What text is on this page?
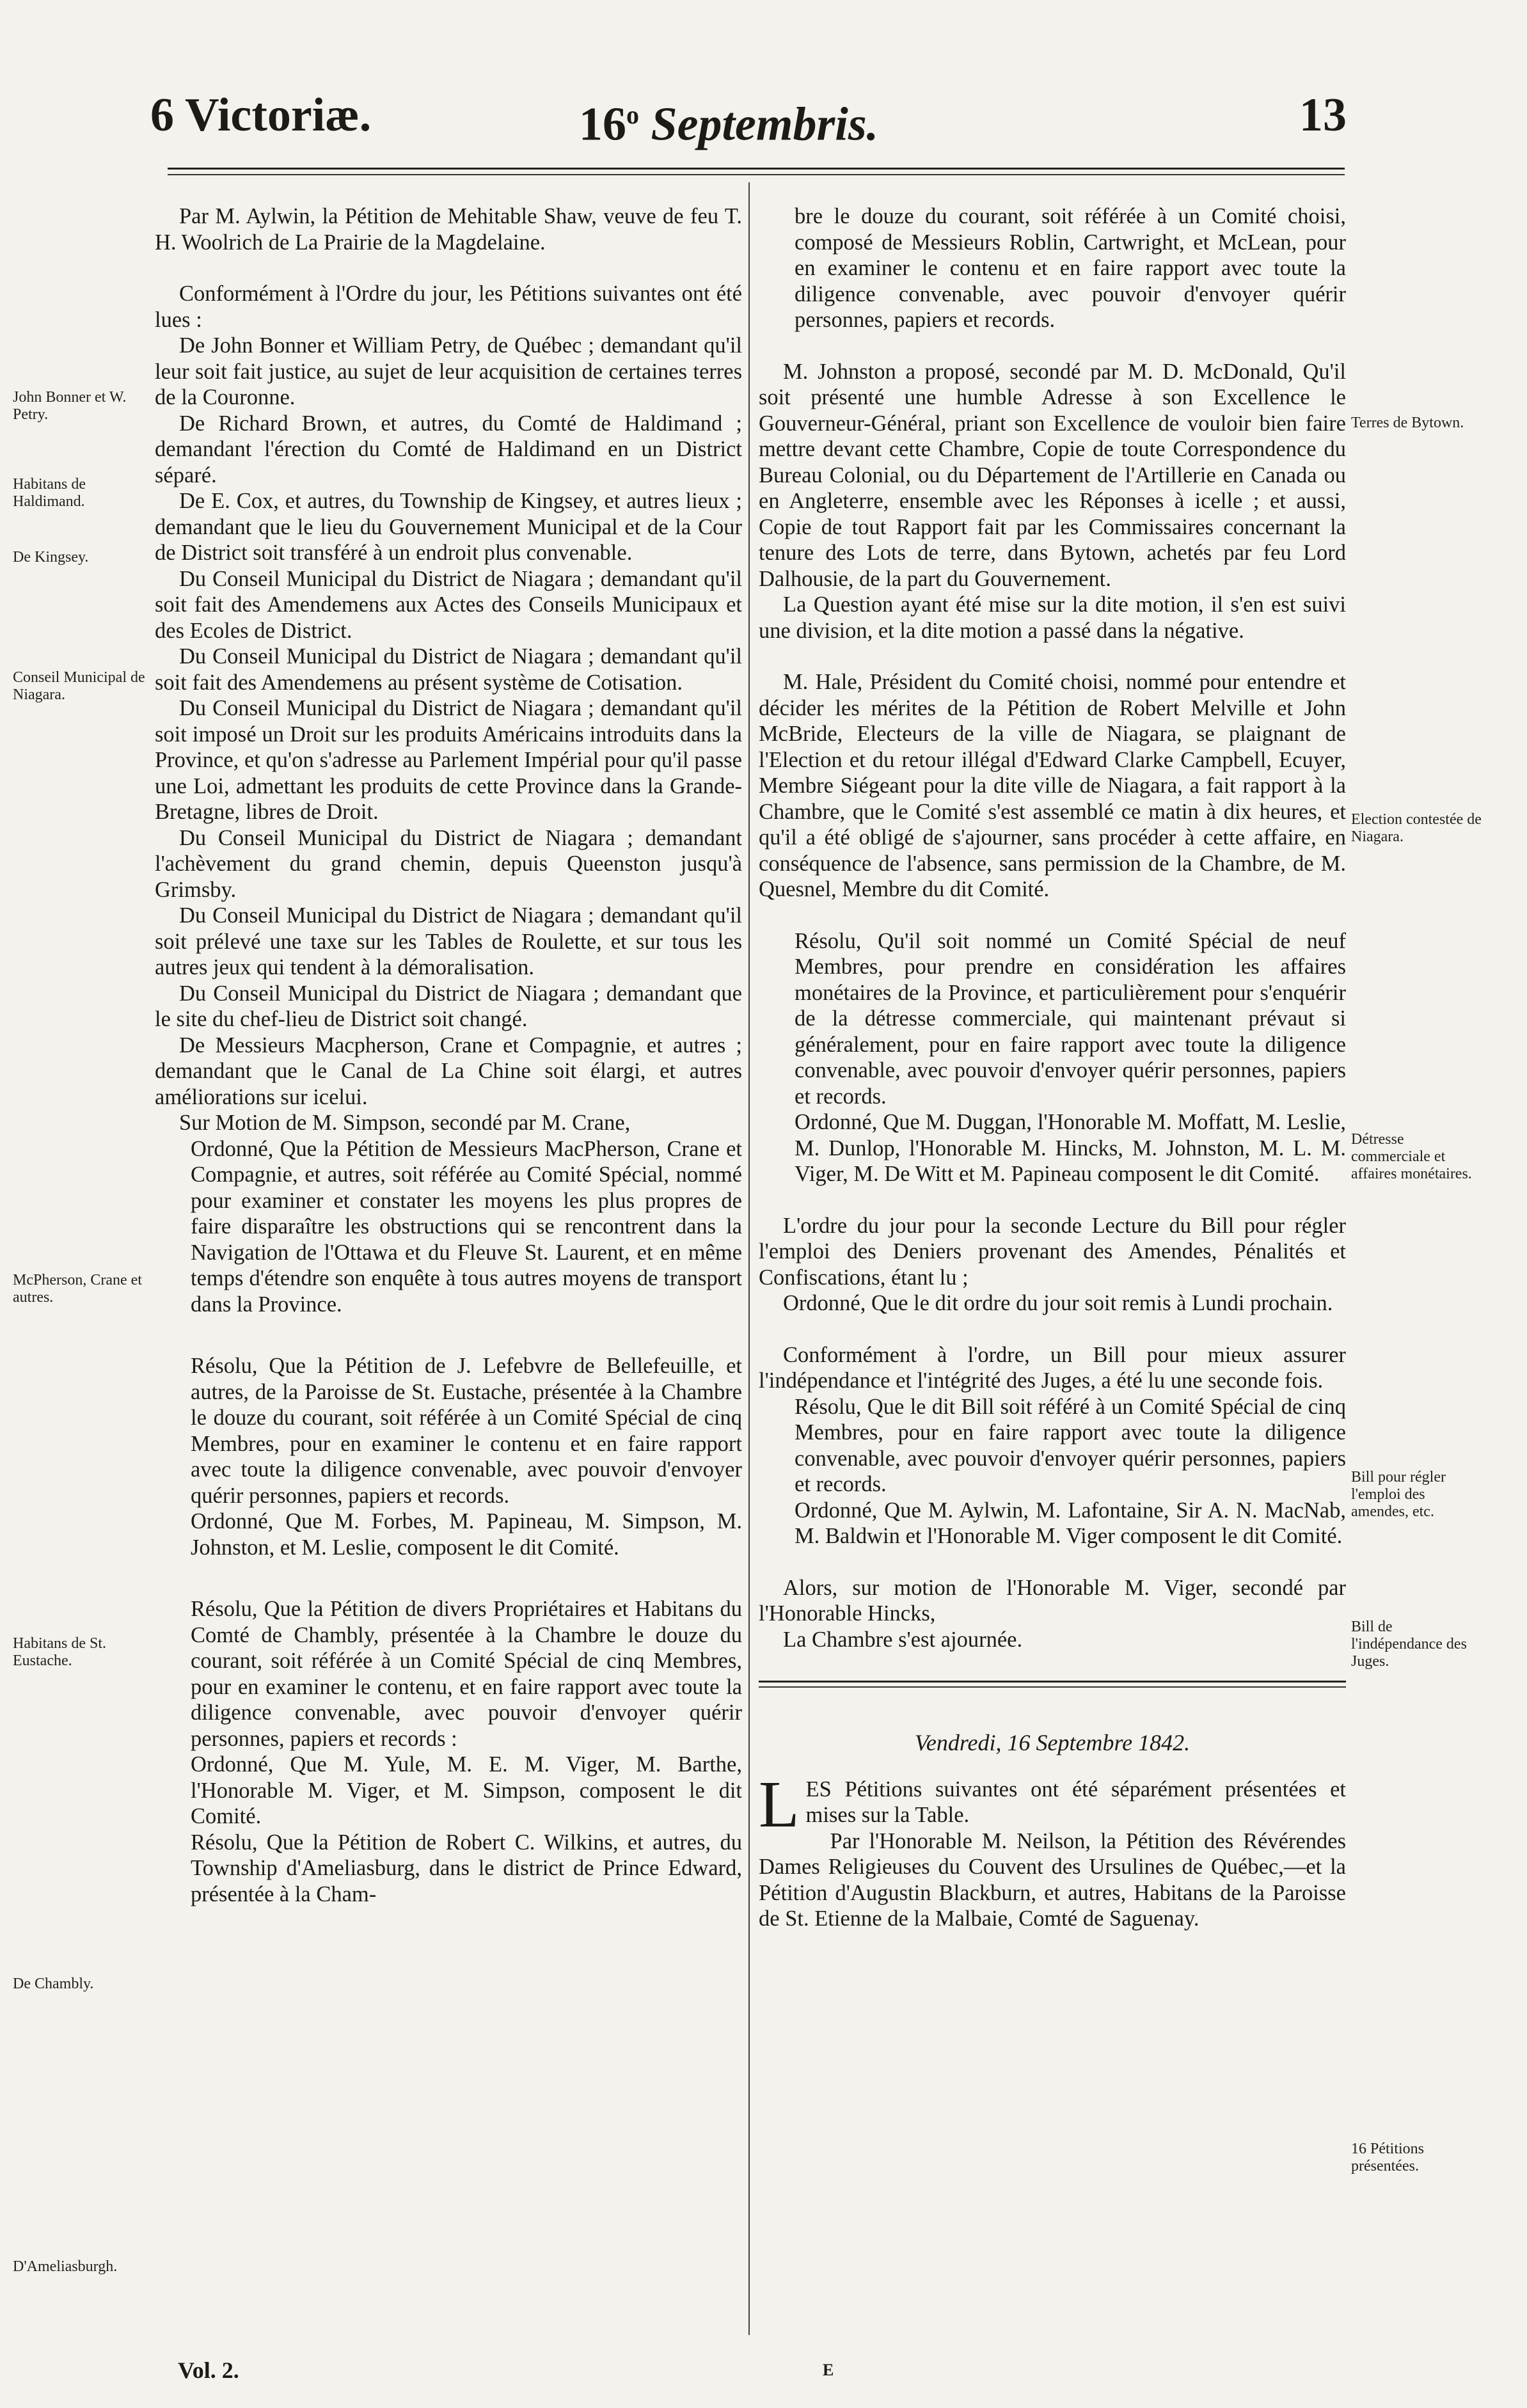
6 Victoriæ.	16$^o$ Septembris.	13

Par M. Aylwin, la Pétition de Mehitable Shaw, veuve de feu T. H. Woolrich de La Prairie de la Magdelaine.

Conformément à l'Ordre du jour, les Pétitions suivantes ont été lues :

De John Bonner et William Petry, de Québec ; demandant qu'il leur soit fait justice, au sujet de leur acquisition de certaines terres de la Couronne.

De Richard Brown, et autres, du Comté de Haldimand ; demandant l'érection du Comté de Haldimand en un District séparé.

De E. Cox, et autres, du Township de Kingsey, et autres lieux ; demandant que le lieu du Gouvernement Municipal et de la Cour de District soit transféré à un endroit plus convenable.

Du Conseil Municipal du District de Niagara ; demandant qu'il soit fait des Amendemens aux Actes des Conseils Municipaux et des Ecoles de District.

Du Conseil Municipal du District de Niagara ; demandant qu'il soit fait des Amendemens au présent système de Cotisation.

Du Conseil Municipal du District de Niagara ; demandant qu'il soit imposé un Droit sur les produits Américains introduits dans la Province, et qu'on s'adresse au Parlement Impérial pour qu'il passe une Loi, admettant les produits de cette Province dans la Grande-Bretagne, libres de Droit.

Du Conseil Municipal du District de Niagara ; demandant l'achèvement du grand chemin, depuis Queenston jusqu'à Grimsby.

Du Conseil Municipal du District de Niagara ; demandant qu'il soit prélevé une taxe sur les Tables de Roulette, et sur tous les autres jeux qui tendent à la démoralisation.

Du Conseil Municipal du District de Niagara ; demandant que le site du chef-lieu de District soit changé.

De Messieurs Macpherson, Crane et Compagnie, et autres ; demandant que le Canal de La Chine soit élargi, et autres améliorations sur icelui.

Sur Motion de M. Simpson, secondé par M. Crane,

Ordonné, Que la Pétition de Messieurs MacPherson, Crane et Compagnie, et autres, soit référée au Comité Spécial, nommé pour examiner et constater les moyens les plus propres de faire disparaître les obstructions qui se rencontrent dans la Navigation de l'Ottawa et du Fleuve St. Laurent, et en même temps d'étendre son enquête à tous autres moyens de transport dans la Province.

Résolu, Que la Pétition de J. Lefebvre de Bellefeuille, et autres, de la Paroisse de St. Eustache, présentée à la Chambre le douze du courant, soit référée à un Comité Spécial de cinq Membres, pour en examiner le contenu et en faire rapport avec toute la diligence convenable, avec pouvoir d'envoyer quérir personnes, papiers et records.

Ordonné, Que M. Forbes, M. Papineau, M. Simpson, M. Johnston, et M. Leslie, composent le dit Comité.

Résolu, Que la Pétition de divers Propriétaires et Habitans du Comté de Chambly, présentée à la Chambre le douze du courant, soit référée à un Comité Spécial de cinq Membres, pour en examiner le contenu, et en faire rapport avec toute la diligence convenable, avec pouvoir d'envoyer quérir personnes, papiers et records :

Ordonné, Que M. Yule, M. E. M. Viger, M. Barthe, l'Honorable M. Viger, et M. Simpson, composent le dit Comité.

Résolu, Que la Pétition de Robert C. Wilkins, et autres, du Township d'Ameliasburg, dans le district de Prince Edward, présentée à la Cham-

bre le douze du courant, soit référée à un Comité choisi, composé de Messieurs Roblin, Cartwright, et McLean, pour en examiner le contenu et en faire rapport avec toute la diligence convenable, avec pouvoir d'envoyer quérir personnes, papiers et records.

M. Johnston a proposé, secondé par M. D. McDonald, Qu'il soit présenté une humble Adresse à son Excellence le Gouverneur-Général, priant son Excellence de vouloir bien faire mettre devant cette Chambre, Copie de toute Correspondence du Bureau Colonial, ou du Département de l'Artillerie en Canada ou en Angleterre, ensemble avec les Réponses à icelle ; et aussi, Copie de tout Rapport fait par les Commissaires concernant la tenure des Lots de terre, dans Bytown, achetés par feu Lord Dalhousie, de la part du Gouvernement.

La Question ayant été mise sur la dite motion, il s'en est suivi une division, et la dite motion a passé dans la négative.

M. Hale, Président du Comité choisi, nommé pour entendre et décider les mérites de la Pétition de Robert Melville et John McBride, Electeurs de la ville de Niagara, se plaignant de l'Election et du retour illégal d'Edward Clarke Campbell, Ecuyer, Membre Siégeant pour la dite ville de Niagara, a fait rapport à la Chambre, que le Comité s'est assemblé ce matin à dix heures, et qu'il a été obligé de s'ajourner, sans procéder à cette affaire, en conséquence de l'absence, sans permission de la Chambre, de M. Quesnel, Membre du dit Comité.

Résolu, Qu'il soit nommé un Comité Spécial de neuf Membres, pour prendre en considération les affaires monétaires de la Province, et particulièrement pour s'enquérir de la détresse commerciale, qui maintenant prévaut si généralement, pour en faire rapport avec toute la diligence convenable, avec pouvoir d'envoyer quérir personnes, papiers et records.

Ordonné, Que M. Duggan, l'Honorable M. Moffatt, M. Leslie, M. Dunlop, l'Honorable M. Hincks, M. Johnston, M. L. M. Viger, M. De Witt et M. Papineau composent le dit Comité.

L'ordre du jour pour la seconde Lecture du Bill pour régler l'emploi des Deniers provenant des Amendes, Pénalités et Confiscations, étant lu ;

Ordonné, Que le dit ordre du jour soit remis à Lundi prochain.

Conformément à l'ordre, un Bill pour mieux assurer l'indépendance et l'intégrité des Juges, a été lu une seconde fois.

Résolu, Que le dit Bill soit référé à un Comité Spécial de cinq Membres, pour en faire rapport avec toute la diligence convenable, avec pouvoir d'envoyer quérir personnes, papiers et records.

Ordonné, Que M. Aylwin, M. Lafontaine, Sir A. N. MacNab, M. Baldwin et l'Honorable M. Viger composent le dit Comité.

Alors, sur motion de l'Honorable M. Viger, secondé par l'Honorable Hincks,

La Chambre s'est ajournée.

Vendredi, 16 Septembre 1842.
L ES Pétitions suivantes ont été séparément présentées et mises sur la Table.

Par l'Honorable M. Neilson, la Pétition des Révérendes Dames Religieuses du Couvent des Ursulines de Québec,—et la Pétition d'Augustin Blackburn, et autres, Habitans de la Paroisse de St. Etienne de la Malbaie, Comté de Saguenay.

John Bonner et W. Petry.
Habitans de Haldimand.
De Kingsey.
Conseil Municipal de Niagara.
McPherson, Crane et autres.
Habitans de St. Eustache.
De Chambly.
D'Ameliasburgh.
Terres de Bytown.
Election contestée de Niagara.
Détresse commerciale et affaires monétaires.
Bill pour régler l'emploi des amendes, etc.
Bill de l'indépendance des Juges.
16 Pétitions présentées.
Vol. 2.	E
